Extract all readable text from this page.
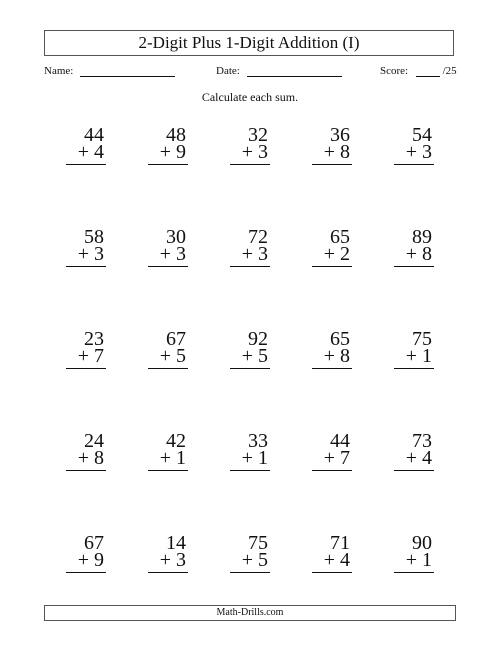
2-Digit Plus 1-Digit Addition (I)
Name:	Date:	Score:	/25
Calculate each sum.
44
+ 4
48
+ 9
32
+ 3
36
+ 8
54
+ 3
58
+ 3
30
+ 3
72
+ 3
65
+ 2
89
+ 8
23
+ 7
67
+ 5
92
+ 5
65
+ 8
75
+ 1
24
+ 8
42
+ 1
33
+ 1
44
+ 7
73
+ 4
67
+ 9
14
+ 3
75
+ 5
71
+ 4
90
+ 1
Math-Drills.com
